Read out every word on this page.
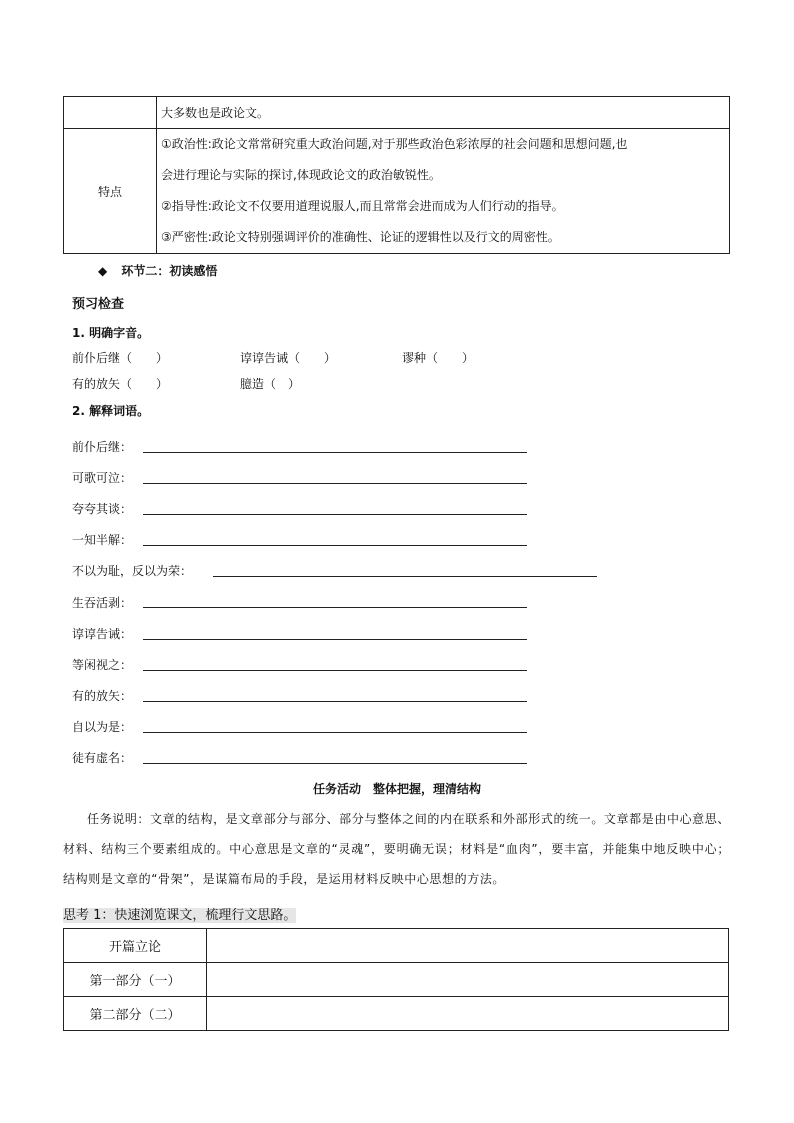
	大多数也是政论文。
特点	①政治性:政论文常常研究重大政治问题,对于那些政治色彩浓厚的社会问题和思想问题,也
会进行理论与实际的探讨,体现政论文的政治敏锐性。
②指导性:政论文不仅要用道理说服人,而且常常会进而成为人们行动的指导。
③严密性:政论文特别强调评价的准确性、论证的逻辑性以及行文的周密性。
◆ 环节二：初读感悟
预习检查
1. 明确字音。
前仆后继（　　）	谆谆告诫（　　）	谬种（　　）
有的放矢（　　）	臆造（　）
2. 解释词语。
前仆后继：
可歌可泣：
夸夸其谈：
一知半解：
不以为耻，反以为荣：
生吞活剥：
谆谆告诫：
等闲视之：
有的放矢：
自以为是：
徒有虚名：
任务活动　整体把握，理清结构
任务说明：文章的结构，是文章部分与部分、部分与整体之间的内在联系和外部形式的统一。文章都是由中心意思、材料、结构三个要素组成的。中心意思是文章的“灵魂”，要明确无误；材料是“血肉”，要丰富，并能集中地反映中心；结构则是文章的“骨架”，是谋篇布局的手段，是运用材料反映中心思想的方法。
思考 1：快速浏览课文，梳理行文思路。
开篇立论	
第一部分（一）	
第二部分（二）	
